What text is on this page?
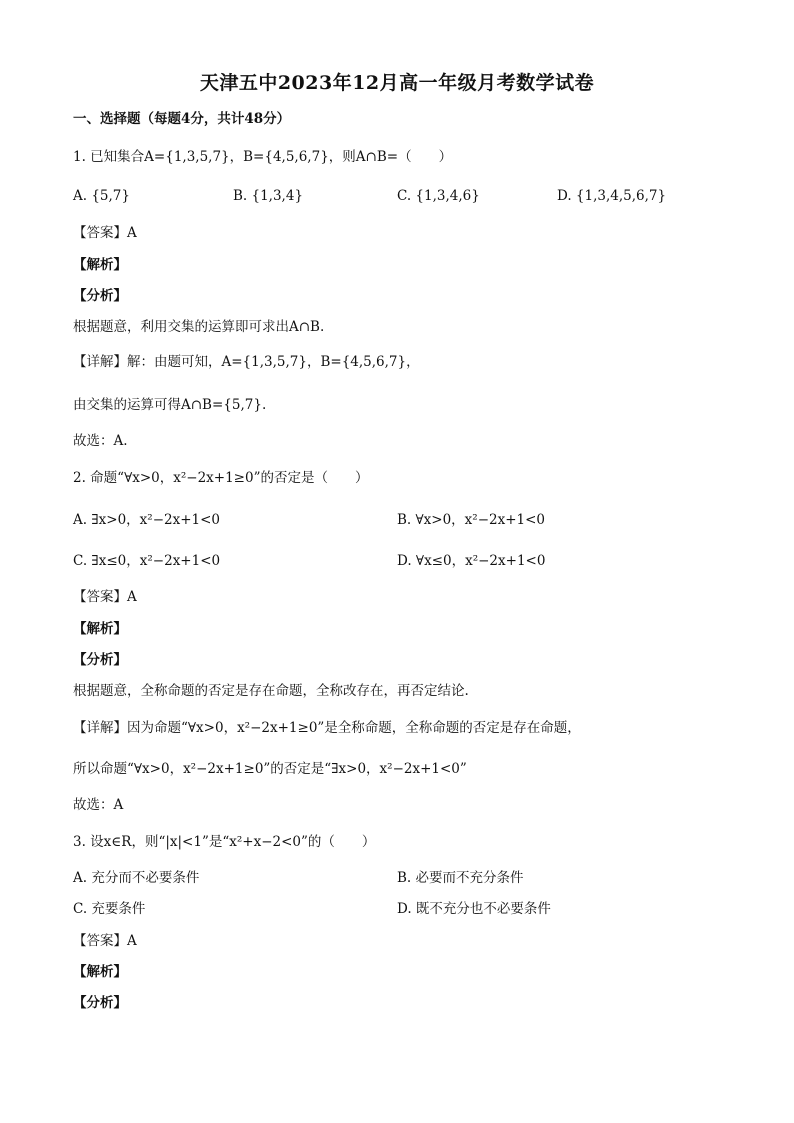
天津五中2023年12月高一年级月考数学试卷
一、选择题（每题4分，共计48分）
1. 已知集合A={1,3,5,7}，B={4,5,6,7}，则A∩B=（　　）
A. {5,7}	B. {1,3,4}	C. {1,3,4,6}	D. {1,3,4,5,6,7}
【答案】A
【解析】
【分析】
根据题意，利用交集的运算即可求出A∩B.
【详解】解：由题可知，A={1,3,5,7}，B={4,5,6,7}，
由交集的运算可得A∩B={5,7}.
故选：A.
2. 命题“∀x>0，x²−2x+1≥0”的否定是（　　）
A. ∃x>0，x²−2x+1<0	B. ∀x>0，x²−2x+1<0
C. ∃x≤0，x²−2x+1<0	D. ∀x≤0，x²−2x+1<0
【答案】A
【解析】
【分析】
根据题意，全称命题的否定是存在命题，全称改存在，再否定结论.
【详解】因为命题“∀x>0，x²−2x+1≥0”是全称命题，全称命题的否定是存在命题，
所以命题“∀x>0，x²−2x+1≥0”的否定是“∃x>0，x²−2x+1<0”
故选：A
3. 设x∈R，则“|x|<1”是“x²+x−2<0”的（　　）
A. 充分而不必要条件	B. 必要而不充分条件
C. 充要条件	D. 既不充分也不必要条件
【答案】A
【解析】
【分析】
